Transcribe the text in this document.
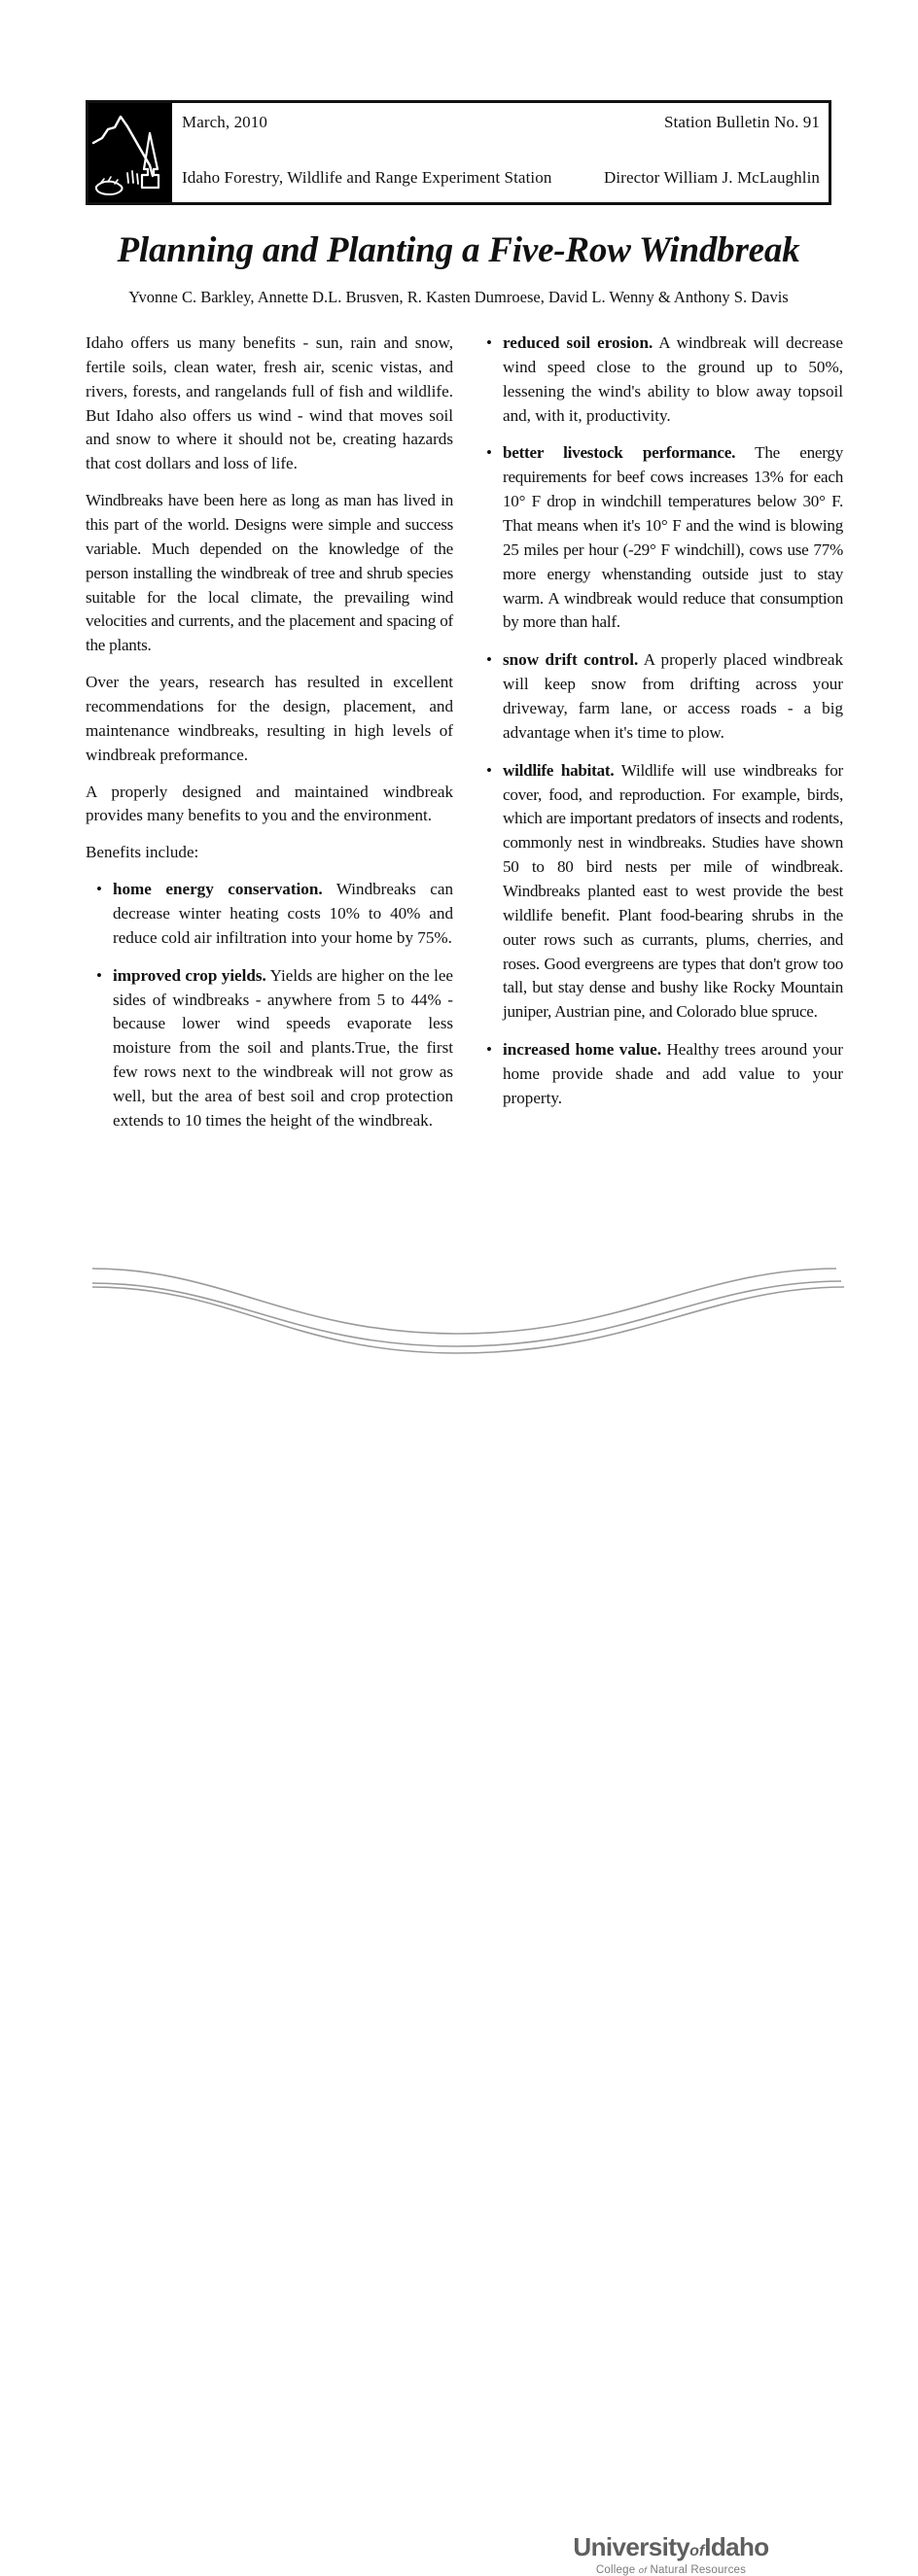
March, 2010	Station Bulletin No. 91
Idaho Forestry, Wildlife and Range Experiment Station	Director William J. McLaughlin
Planning and Planting a Five-Row Windbreak
Yvonne C. Barkley, Annette D.L. Brusven, R. Kasten Dumroese, David L. Wenny & Anthony S. Davis

Idaho offers us many benefits - sun, rain and snow, fertile soils, clean water, fresh air, scenic vistas, and rivers, forests, and rangelands full of fish and wildlife. But Idaho also offers us wind - wind that moves soil and snow to where it should not be, creating hazards that cost dollars and loss of life.

Windbreaks have been here as long as man has lived in this part of the world. Designs were simple and success variable. Much depended on the knowledge of the person installing the windbreak of tree and shrub species suitable for the local climate, the prevailing wind velocities and currents, and the placement and spacing of the plants.

Over the years, research has resulted in excellent recommendations for the design, placement, and maintenance windbreaks, resulting in high levels of windbreak preformance.

A properly designed and maintained windbreak provides many benefits to you and the environment.

Benefits include:

• home energy conservation. Windbreaks can decrease winter heating costs 10% to 40% and reduce cold air infiltration into your home by 75%.
• improved crop yields. Yields are higher on the lee sides of windbreaks - anywhere from 5 to 44% - because lower wind speeds evaporate less moisture from the soil and plants.True, the first few rows next to the windbreak will not grow as well, but the area of best soil and crop protection extends to 10 times the height of the windbreak.
• reduced soil erosion. A windbreak will decrease wind speed close to the ground up to 50%, lessening the wind's ability to blow away topsoil and, with it, productivity.
• better livestock performance. The energy requirements for beef cows increases 13% for each 10° F drop in windchill temperatures below 30° F. That means when it's 10° F and the wind is blowing 25 miles per hour (-29° F windchill), cows use 77% more energy whenstanding outside just to stay warm. A windbreak would reduce that consumption by more than half.
• snow drift control. A properly placed windbreak will keep snow from drifting across your driveway, farm lane, or access roads - a big advantage when it's time to plow.
• wildlife habitat. Wildlife will use windbreaks for cover, food, and reproduction. For example, birds, which are important predators of insects and rodents, commonly nest in windbreaks. Studies have shown 50 to 80 bird nests per mile of windbreak. Windbreaks planted east to west provide the best wildlife benefit. Plant food-bearing shrubs in the outer rows such as currants, plums, cherries, and roses. Good evergreens are types that don't grow too tall, but stay dense and bushy like Rocky Mountain juniper, Austrian pine, and Colorado blue spruce.
• increased home value. Healthy trees around your home provide shade and add value to your property.
UniversityofIdaho
College of Natural Resources
